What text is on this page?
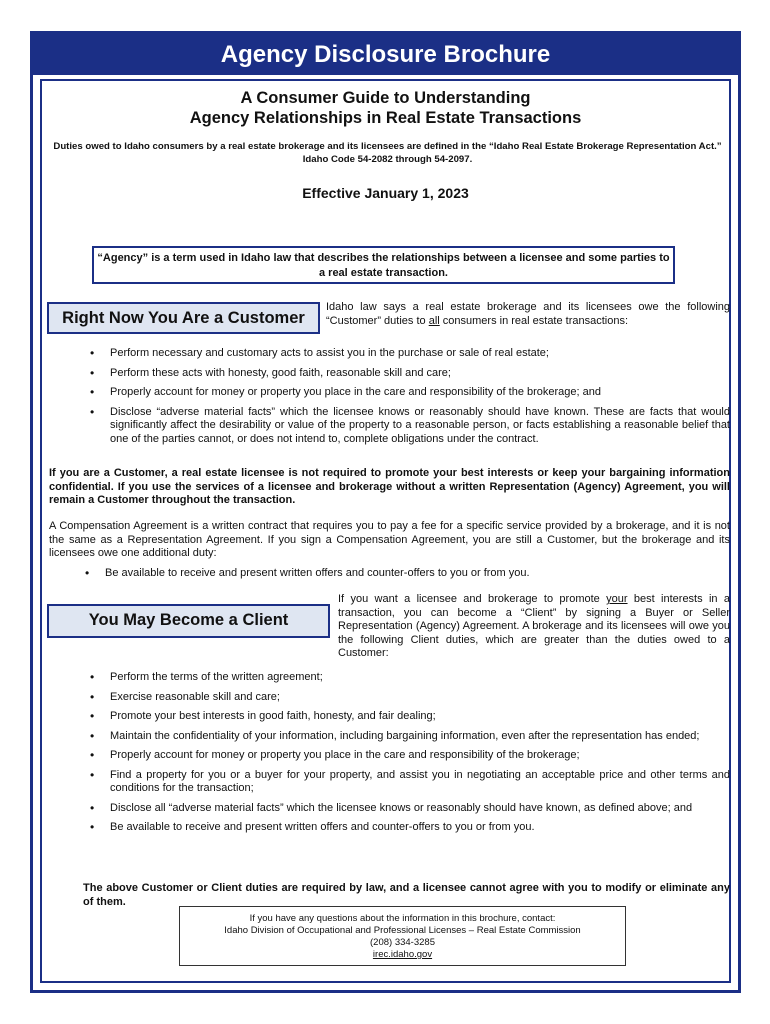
Agency Disclosure Brochure
A Consumer Guide to Understanding
Agency Relationships in Real Estate Transactions
Duties owed to Idaho consumers by a real estate brokerage and its licensees are defined in the “Idaho Real Estate Brokerage Representation Act.” Idaho Code 54-2082 through 54-2097.
Effective January 1, 2023
“Agency” is a term used in Idaho law that describes the relationships between a licensee and some parties to a real estate transaction.
Right Now You Are a Customer
Idaho law says a real estate brokerage and its licensees owe the following “Customer” duties to all consumers in real estate transactions:
• Perform necessary and customary acts to assist you in the purchase or sale of real estate;
• Perform these acts with honesty, good faith, reasonable skill and care;
• Properly account for money or property you place in the care and responsibility of the brokerage; and
• Disclose “adverse material facts” which the licensee knows or reasonably should have known. These are facts that would significantly affect the desirability or value of the property to a reasonable person, or facts establishing a reasonable belief that one of the parties cannot, or does not intend to, complete obligations under the contract.
If you are a Customer, a real estate licensee is not required to promote your best interests or keep your bargaining information confidential. If you use the services of a licensee and brokerage without a written Representation (Agency) Agreement, you will remain a Customer throughout the transaction.
A Compensation Agreement is a written contract that requires you to pay a fee for a specific service provided by a brokerage, and it is not the same as a Representation Agreement. If you sign a Compensation Agreement, you are still a Customer, but the brokerage and its licensees owe one additional duty:
• Be available to receive and present written offers and counter-offers to you or from you.
You May Become a Client
If you want a licensee and brokerage to promote your best interests in a transaction, you can become a “Client” by signing a Buyer or Seller Representation (Agency) Agreement. A brokerage and its licensees will owe you the following Client duties, which are greater than the duties owed to a Customer:
• Perform the terms of the written agreement;
• Exercise reasonable skill and care;
• Promote your best interests in good faith, honesty, and fair dealing;
• Maintain the confidentiality of your information, including bargaining information, even after the representation has ended;
• Properly account for money or property you place in the care and responsibility of the brokerage;
• Find a property for you or a buyer for your property, and assist you in negotiating an acceptable price and other terms and conditions for the transaction;
• Disclose all “adverse material facts” which the licensee knows or reasonably should have known, as defined above; and
• Be available to receive and present written offers and counter-offers to you or from you.
The above Customer or Client duties are required by law, and a licensee cannot agree with you to modify or eliminate any of them.
If you have any questions about the information in this brochure, contact:
Idaho Division of Occupational and Professional Licenses – Real Estate Commission
(208) 334-3285
irec.idaho.gov
